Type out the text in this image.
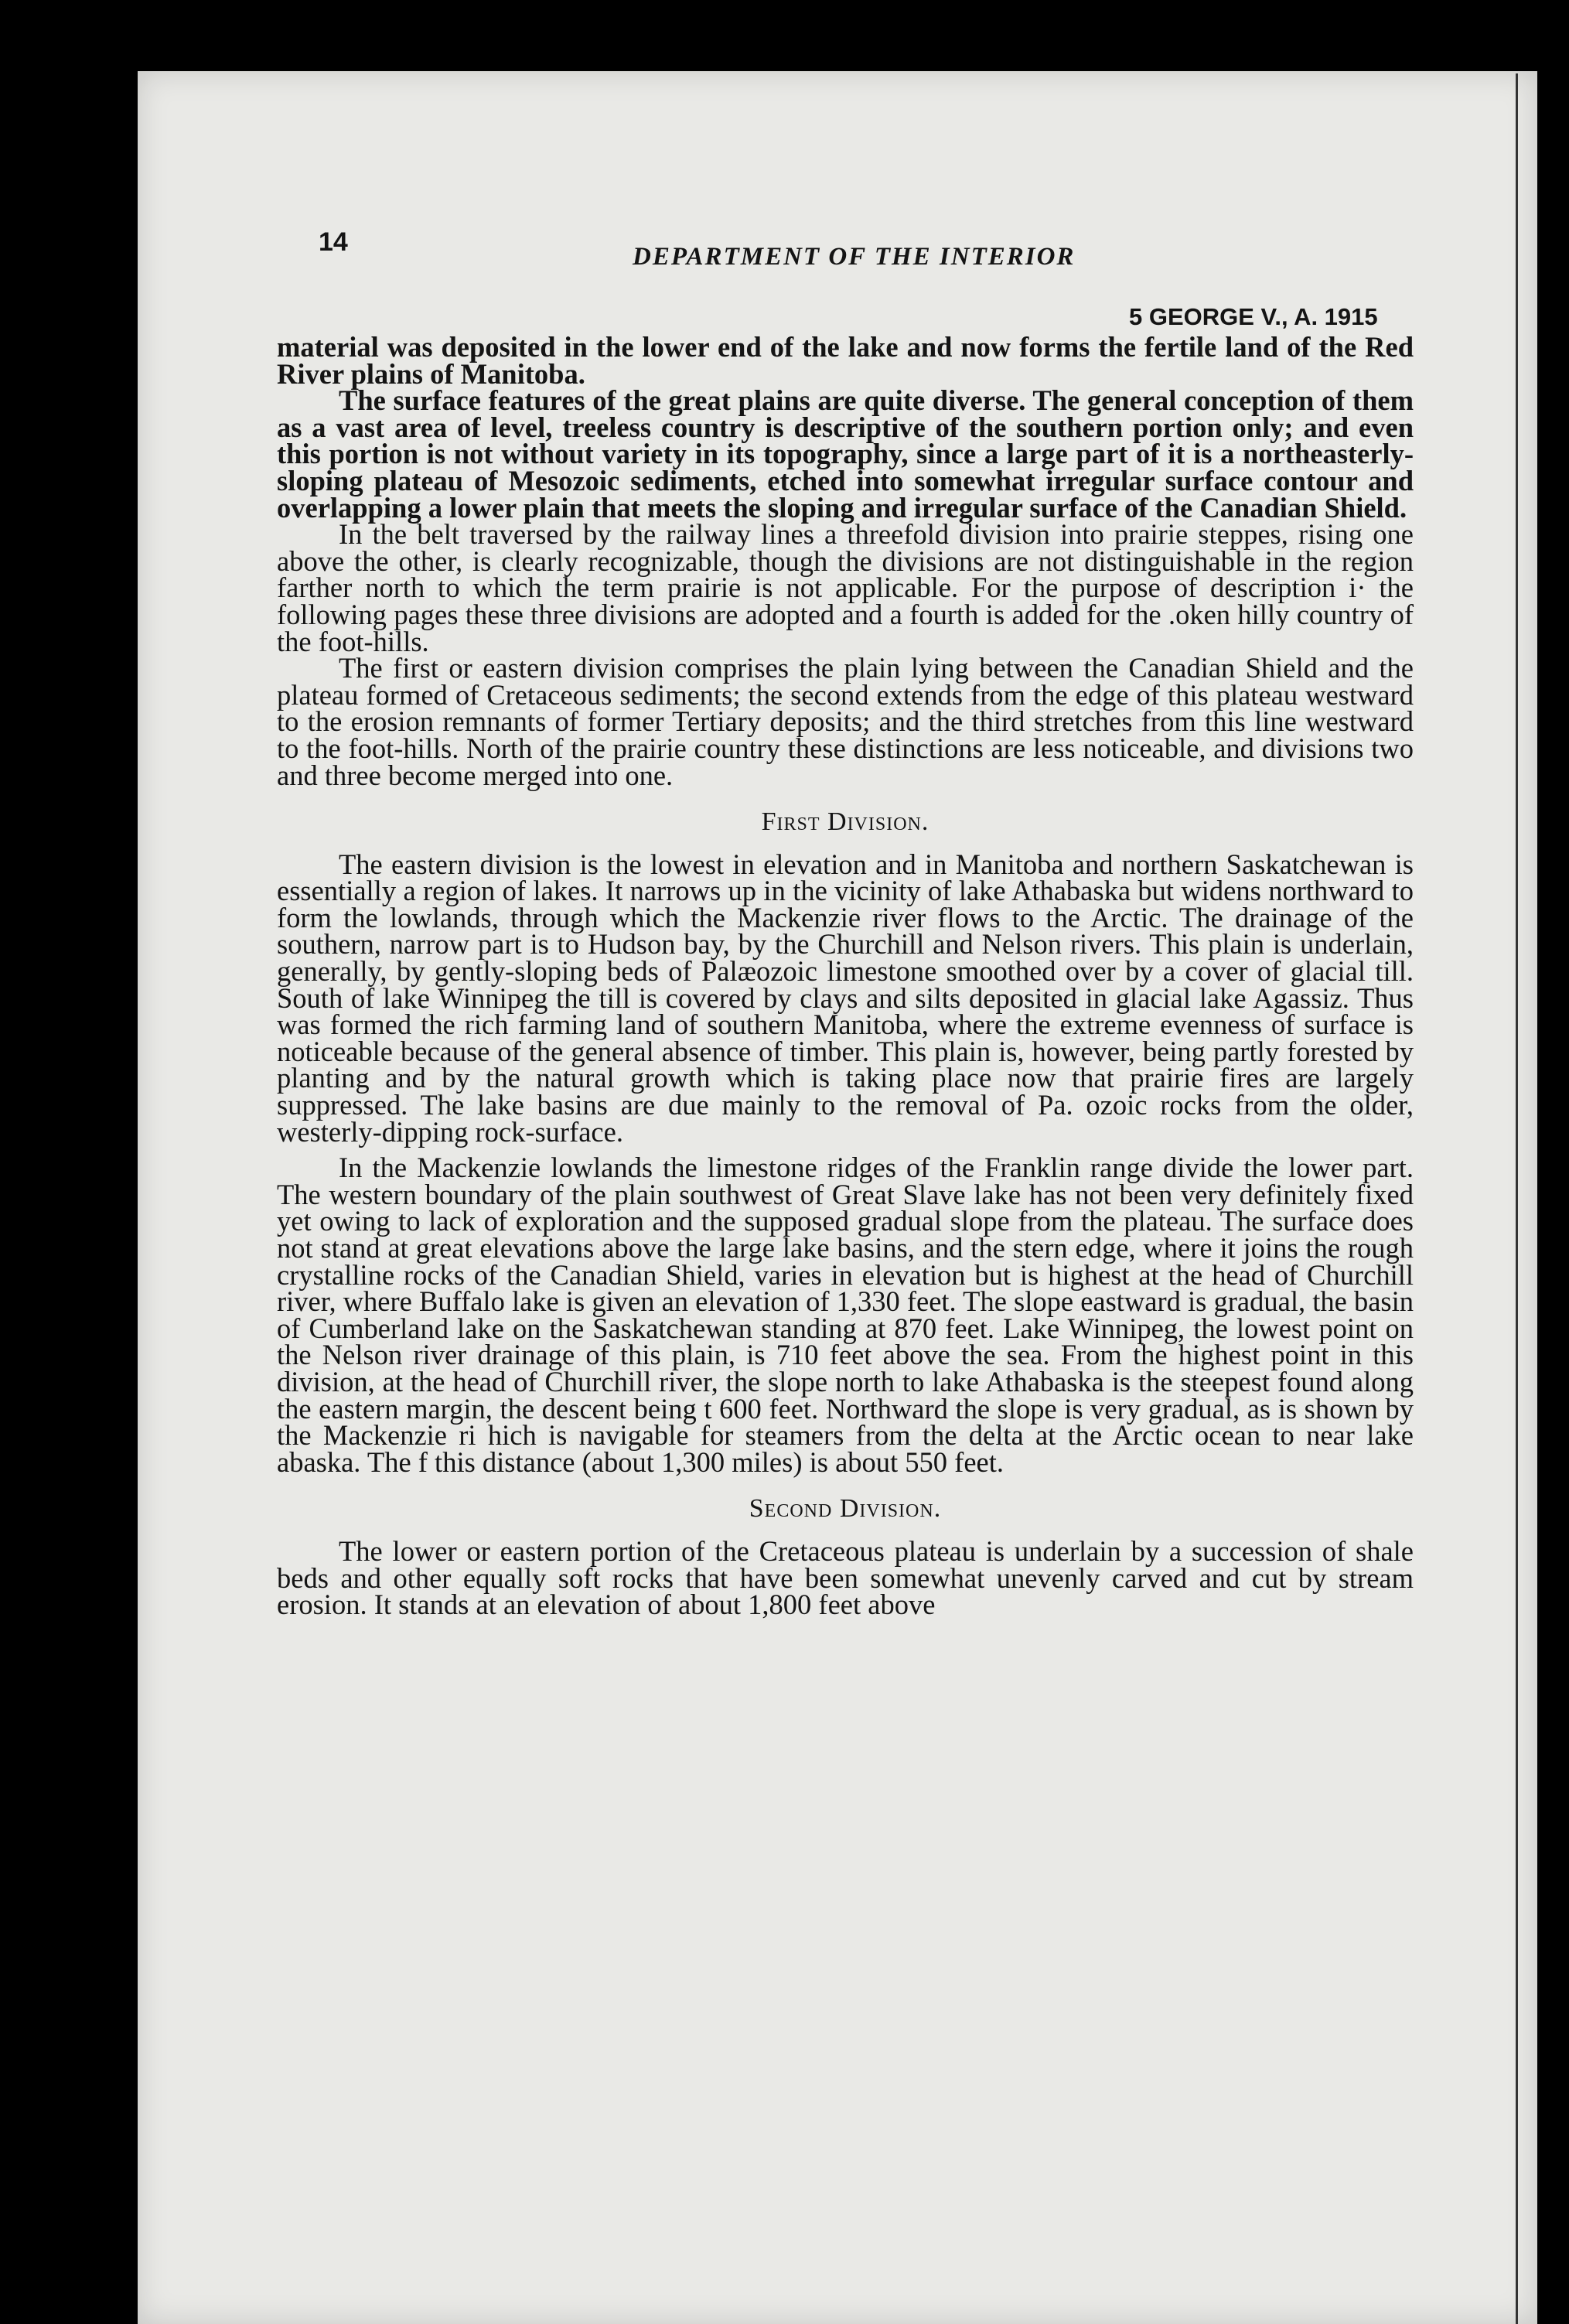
14	DEPARTMENT OF THE INTERIOR
5 GEORGE V., A. 1915

material was deposited in the lower end of the lake and now forms the fertile land of the Red River plains of Manitoba.

The surface features of the great plains are quite diverse. The general conception of them as a vast area of level, treeless country is descriptive of the southern portion only; and even this portion is not without variety in its topography, since a large part of it is a northeasterly-sloping plateau of Mesozoic sediments, etched into somewhat irregular surface contour and overlapping a lower plain that meets the sloping and irregular surface of the Canadian Shield.

In the belt traversed by the railway lines a threefold division into prairie steppes, rising one above the other, is clearly recognizable, though the divisions are not distinguishable in the region farther north to which the term prairie is not applicable. For the purpose of description i· the following pages these three divisions are adopted and a fourth is added for the .oken hilly country of the foot-hills.

The first or eastern division comprises the plain lying between the Canadian Shield and the plateau formed of Cretaceous sediments; the second extends from the edge of this plateau westward to the erosion remnants of former Tertiary deposits; and the third stretches from this line westward to the foot-hills. North of the prairie country these distinctions are less noticeable, and divisions two and three become merged into one.

First Division.

The eastern division is the lowest in elevation and in Manitoba and northern Saskatchewan is essentially a region of lakes. It narrows up in the vicinity of lake Athabaska but widens northward to form the lowlands, through which the Mackenzie river flows to the Arctic. The drainage of the southern, narrow part is to Hudson bay, by the Churchill and Nelson rivers. This plain is underlain, generally, by gently-sloping beds of Palæozoic limestone smoothed over by a cover of glacial till. South of lake Winnipeg the till is covered by clays and silts deposited in glacial lake Agassiz. Thus was formed the rich farming land of southern Manitoba, where the extreme evenness of surface is noticeable because of the general absence of timber. This plain is, however, being partly forested by planting and by the natural growth which is taking place now that prairie fires are largely suppressed. The lake basins are due mainly to the removal of Pa. ozoic rocks from the older, westerly-dipping rock-surface.

In the Mackenzie lowlands the limestone ridges of the Franklin range divide the lower part. The western boundary of the plain southwest of Great Slave lake has not been very definitely fixed yet owing to lack of exploration and the supposed gradual slope from the plateau. The surface does not stand at great elevations above the large lake basins, and the stern edge, where it joins the rough crystalline rocks of the Canadian Shield, varies in elevation but is highest at the head of Churchill river, where Buffalo lake is given an elevation of 1,330 feet. The slope eastward is gradual, the basin of Cumberland lake on the Saskatchewan standing at 870 feet. Lake Winnipeg, the lowest point on the Nelson river drainage of this plain, is 710 feet above the sea. From the highest point in this division, at the head of Churchill river, the slope north to lake Athabaska is the steepest found along the eastern margin, the descent being t 600 feet. Northward the slope is very gradual, as is shown by the Mackenzie ri hich is navigable for steamers from the delta at the Arctic ocean to near lake abaska. The f this distance (about 1,300 miles) is about 550 feet.

Second Division.

The lower or eastern portion of the Cretaceous plateau is underlain by a succession of shale beds and other equally soft rocks that have been somewhat unevenly carved and cut by stream erosion. It stands at an elevation of about 1,800 feet above
